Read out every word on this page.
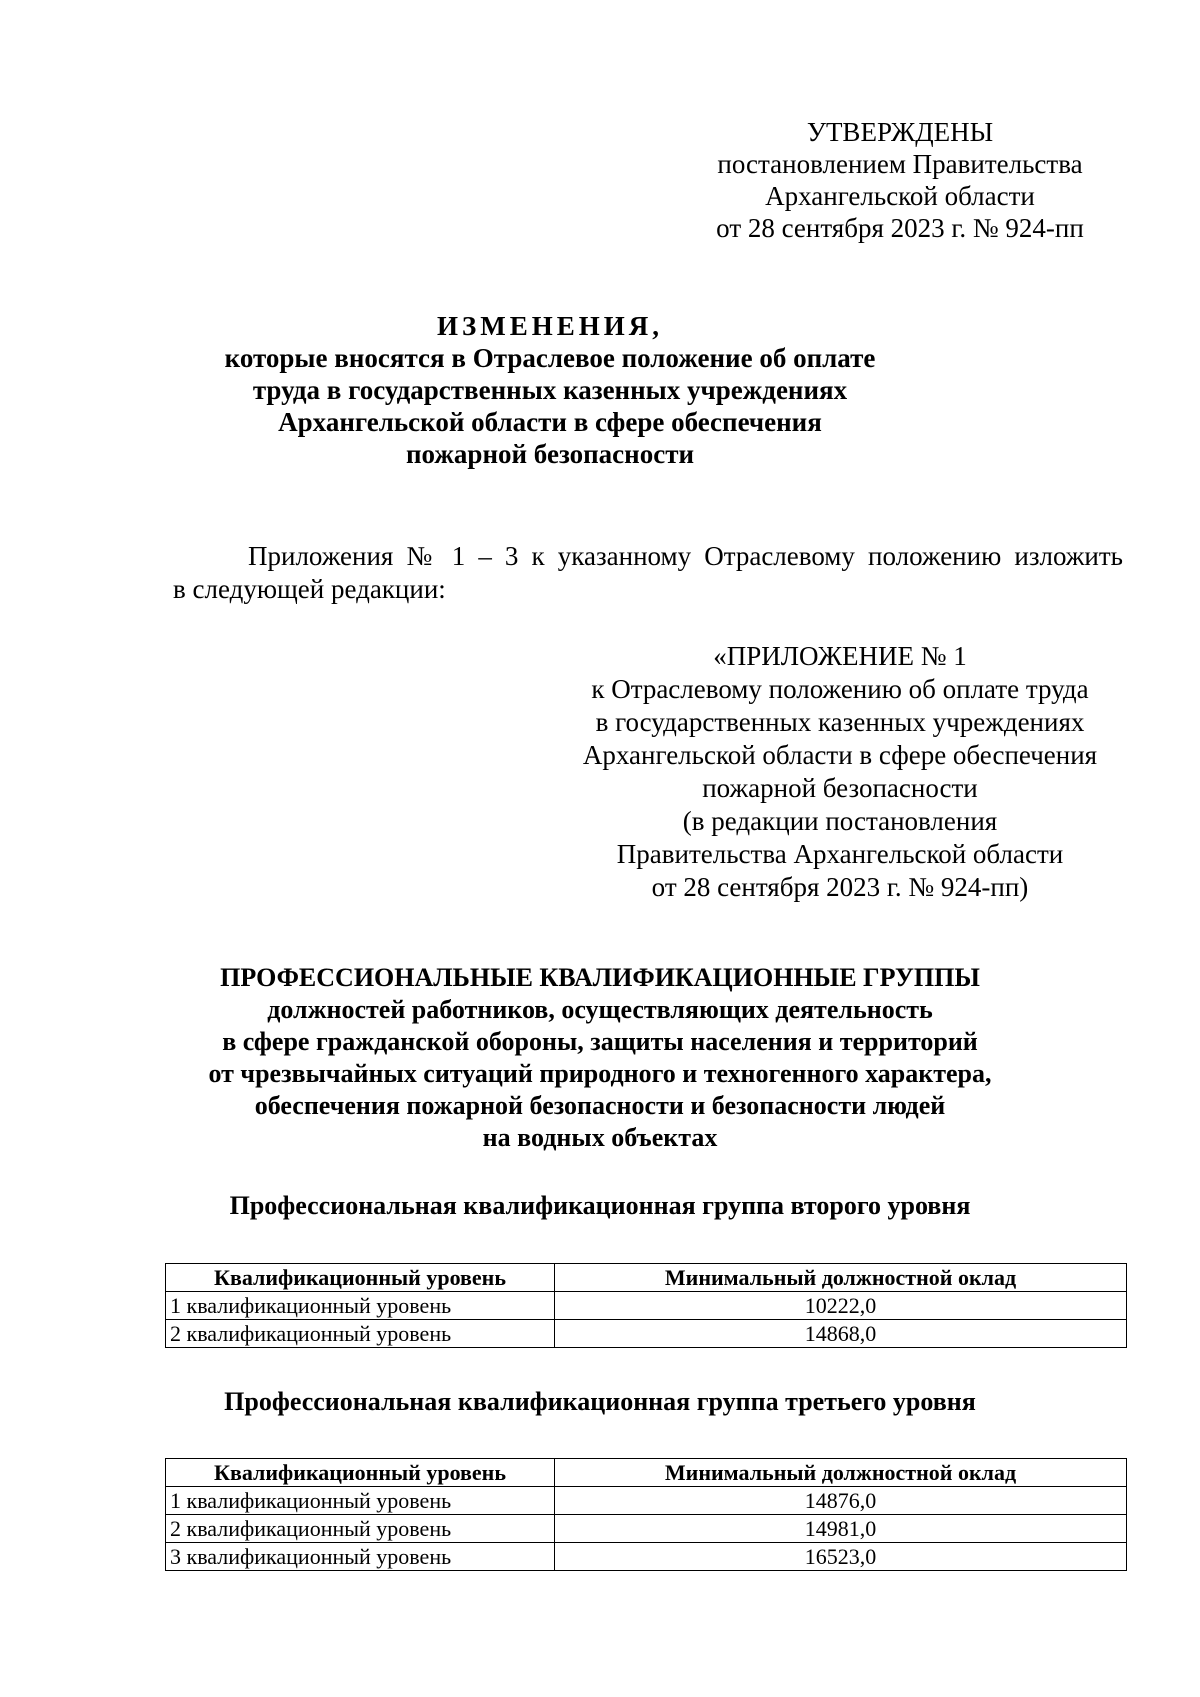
УТВЕРЖДЕНЫ
постановлением Правительства
Архангельской области
от 28 сентября 2023 г. № 924-пп
ИЗМЕНЕНИЯ,
которые вносятся в Отраслевое положение об оплате
труда в государственных казенных учреждениях
Архангельской области в сфере обеспечения
пожарной безопасности
Приложения № 1 – 3 к указанному Отраслевому положению изложить
в следующей редакции:
«ПРИЛОЖЕНИЕ № 1
к Отраслевому положению об оплате труда
в государственных казенных учреждениях
Архангельской области в сфере обеспечения
пожарной безопасности
(в редакции постановления
Правительства Архангельской области
от 28 сентября 2023 г. № 924-пп)
ПРОФЕССИОНАЛЬНЫЕ КВАЛИФИКАЦИОННЫЕ ГРУППЫ
должностей работников, осуществляющих деятельность
в сфере гражданской обороны, защиты населения и территорий
от чрезвычайных ситуаций природного и техногенного характера,
обеспечения пожарной безопасности и безопасности людей
на водных объектах
Профессиональная квалификационная группа второго уровня
Квалификационный уровень	Минимальный должностной оклад
1 квалификационный уровень	10222,0
2 квалификационный уровень	14868,0
Профессиональная квалификационная группа третьего уровня
Квалификационный уровень	Минимальный должностной оклад
1 квалификационный уровень	14876,0
2 квалификационный уровень	14981,0
3 квалификационный уровень	16523,0
